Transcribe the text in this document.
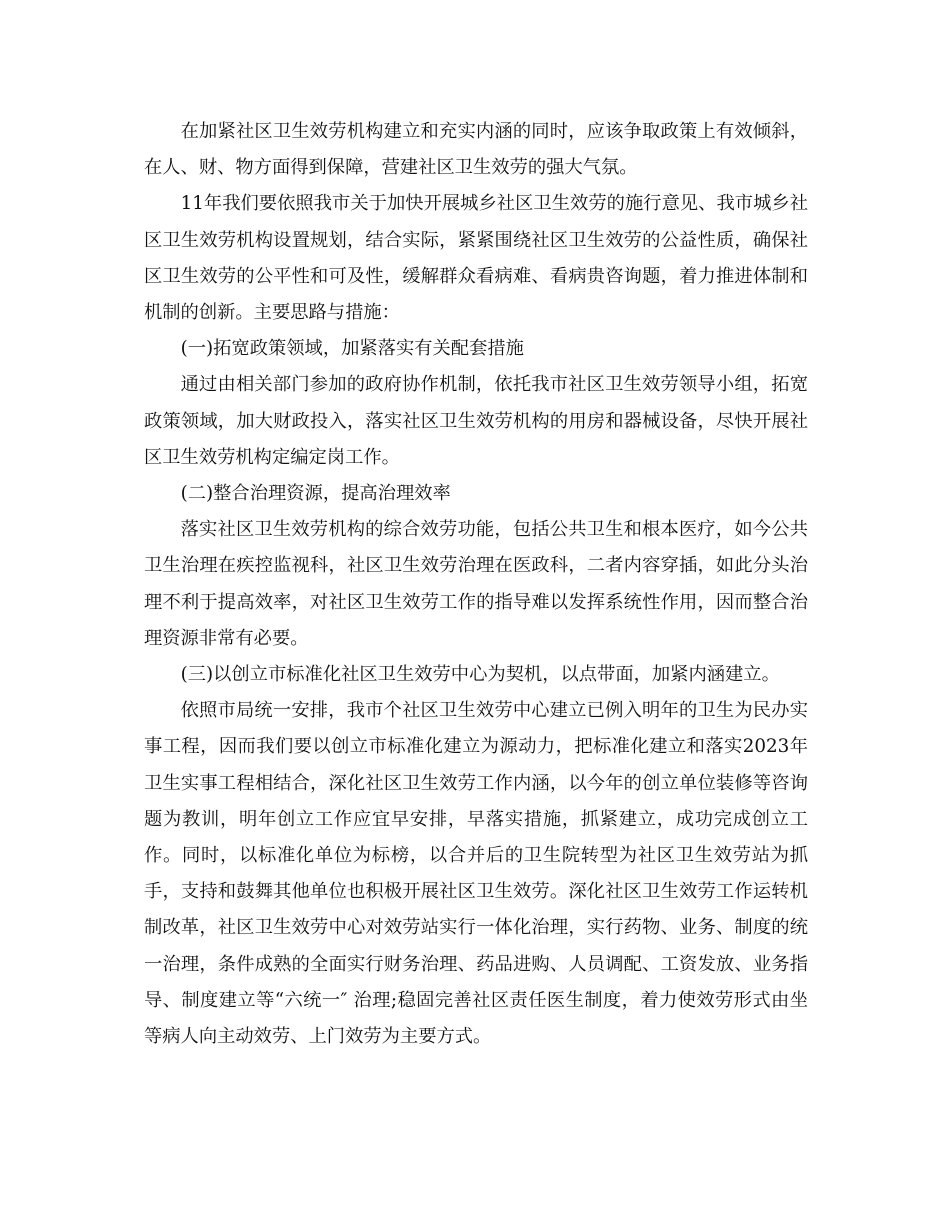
在加紧社区卫生效劳机构建立和充实内涵的同时，应该争取政策上有效倾斜，在人、财、物方面得到保障，营建社区卫生效劳的强大气氛。

11年我们要依照我市关于加快开展城乡社区卫生效劳的施行意见、我市城乡社区卫生效劳机构设置规划，结合实际，紧紧围绕社区卫生效劳的公益性质，确保社区卫生效劳的公平性和可及性，缓解群众看病难、看病贵咨询题，着力推进体制和机制的创新。主要思路与措施：

(一)拓宽政策领域，加紧落实有关配套措施

通过由相关部门参加的政府协作机制，依托我市社区卫生效劳领导小组，拓宽政策领域，加大财政投入，落实社区卫生效劳机构的用房和器械设备，尽快开展社区卫生效劳机构定编定岗工作。

(二)整合治理资源，提高治理效率

落实社区卫生效劳机构的综合效劳功能，包括公共卫生和根本医疗，如今公共卫生治理在疾控监视科，社区卫生效劳治理在医政科，二者内容穿插，如此分头治理不利于提高效率，对社区卫生效劳工作的指导难以发挥系统性作用，因而整合治理资源非常有必要。

(三)以创立市标准化社区卫生效劳中心为契机，以点带面，加紧内涵建立。

依照市局统一安排，我市个社区卫生效劳中心建立已例入明年的卫生为民办实事工程，因而我们要以创立市标准化建立为源动力，把标准化建立和落实2023年卫生实事工程相结合，深化社区卫生效劳工作内涵，以今年的创立单位装修等咨询题为教训，明年创立工作应宜早安排，早落实措施，抓紧建立，成功完成创立工作。同时，以标准化单位为标榜，以合并后的卫生院转型为社区卫生效劳站为抓手，支持和鼓舞其他单位也积极开展社区卫生效劳。深化社区卫生效劳工作运转机制改革，社区卫生效劳中心对效劳站实行一体化治理，实行药物、业务、制度的统一治理，条件成熟的全面实行财务治理、药品进购、人员调配、工资发放、业务指导、制度建立等“六统一″ 治理;稳固完善社区责任医生制度，着力使效劳形式由坐等病人向主动效劳、上门效劳为主要方式。
